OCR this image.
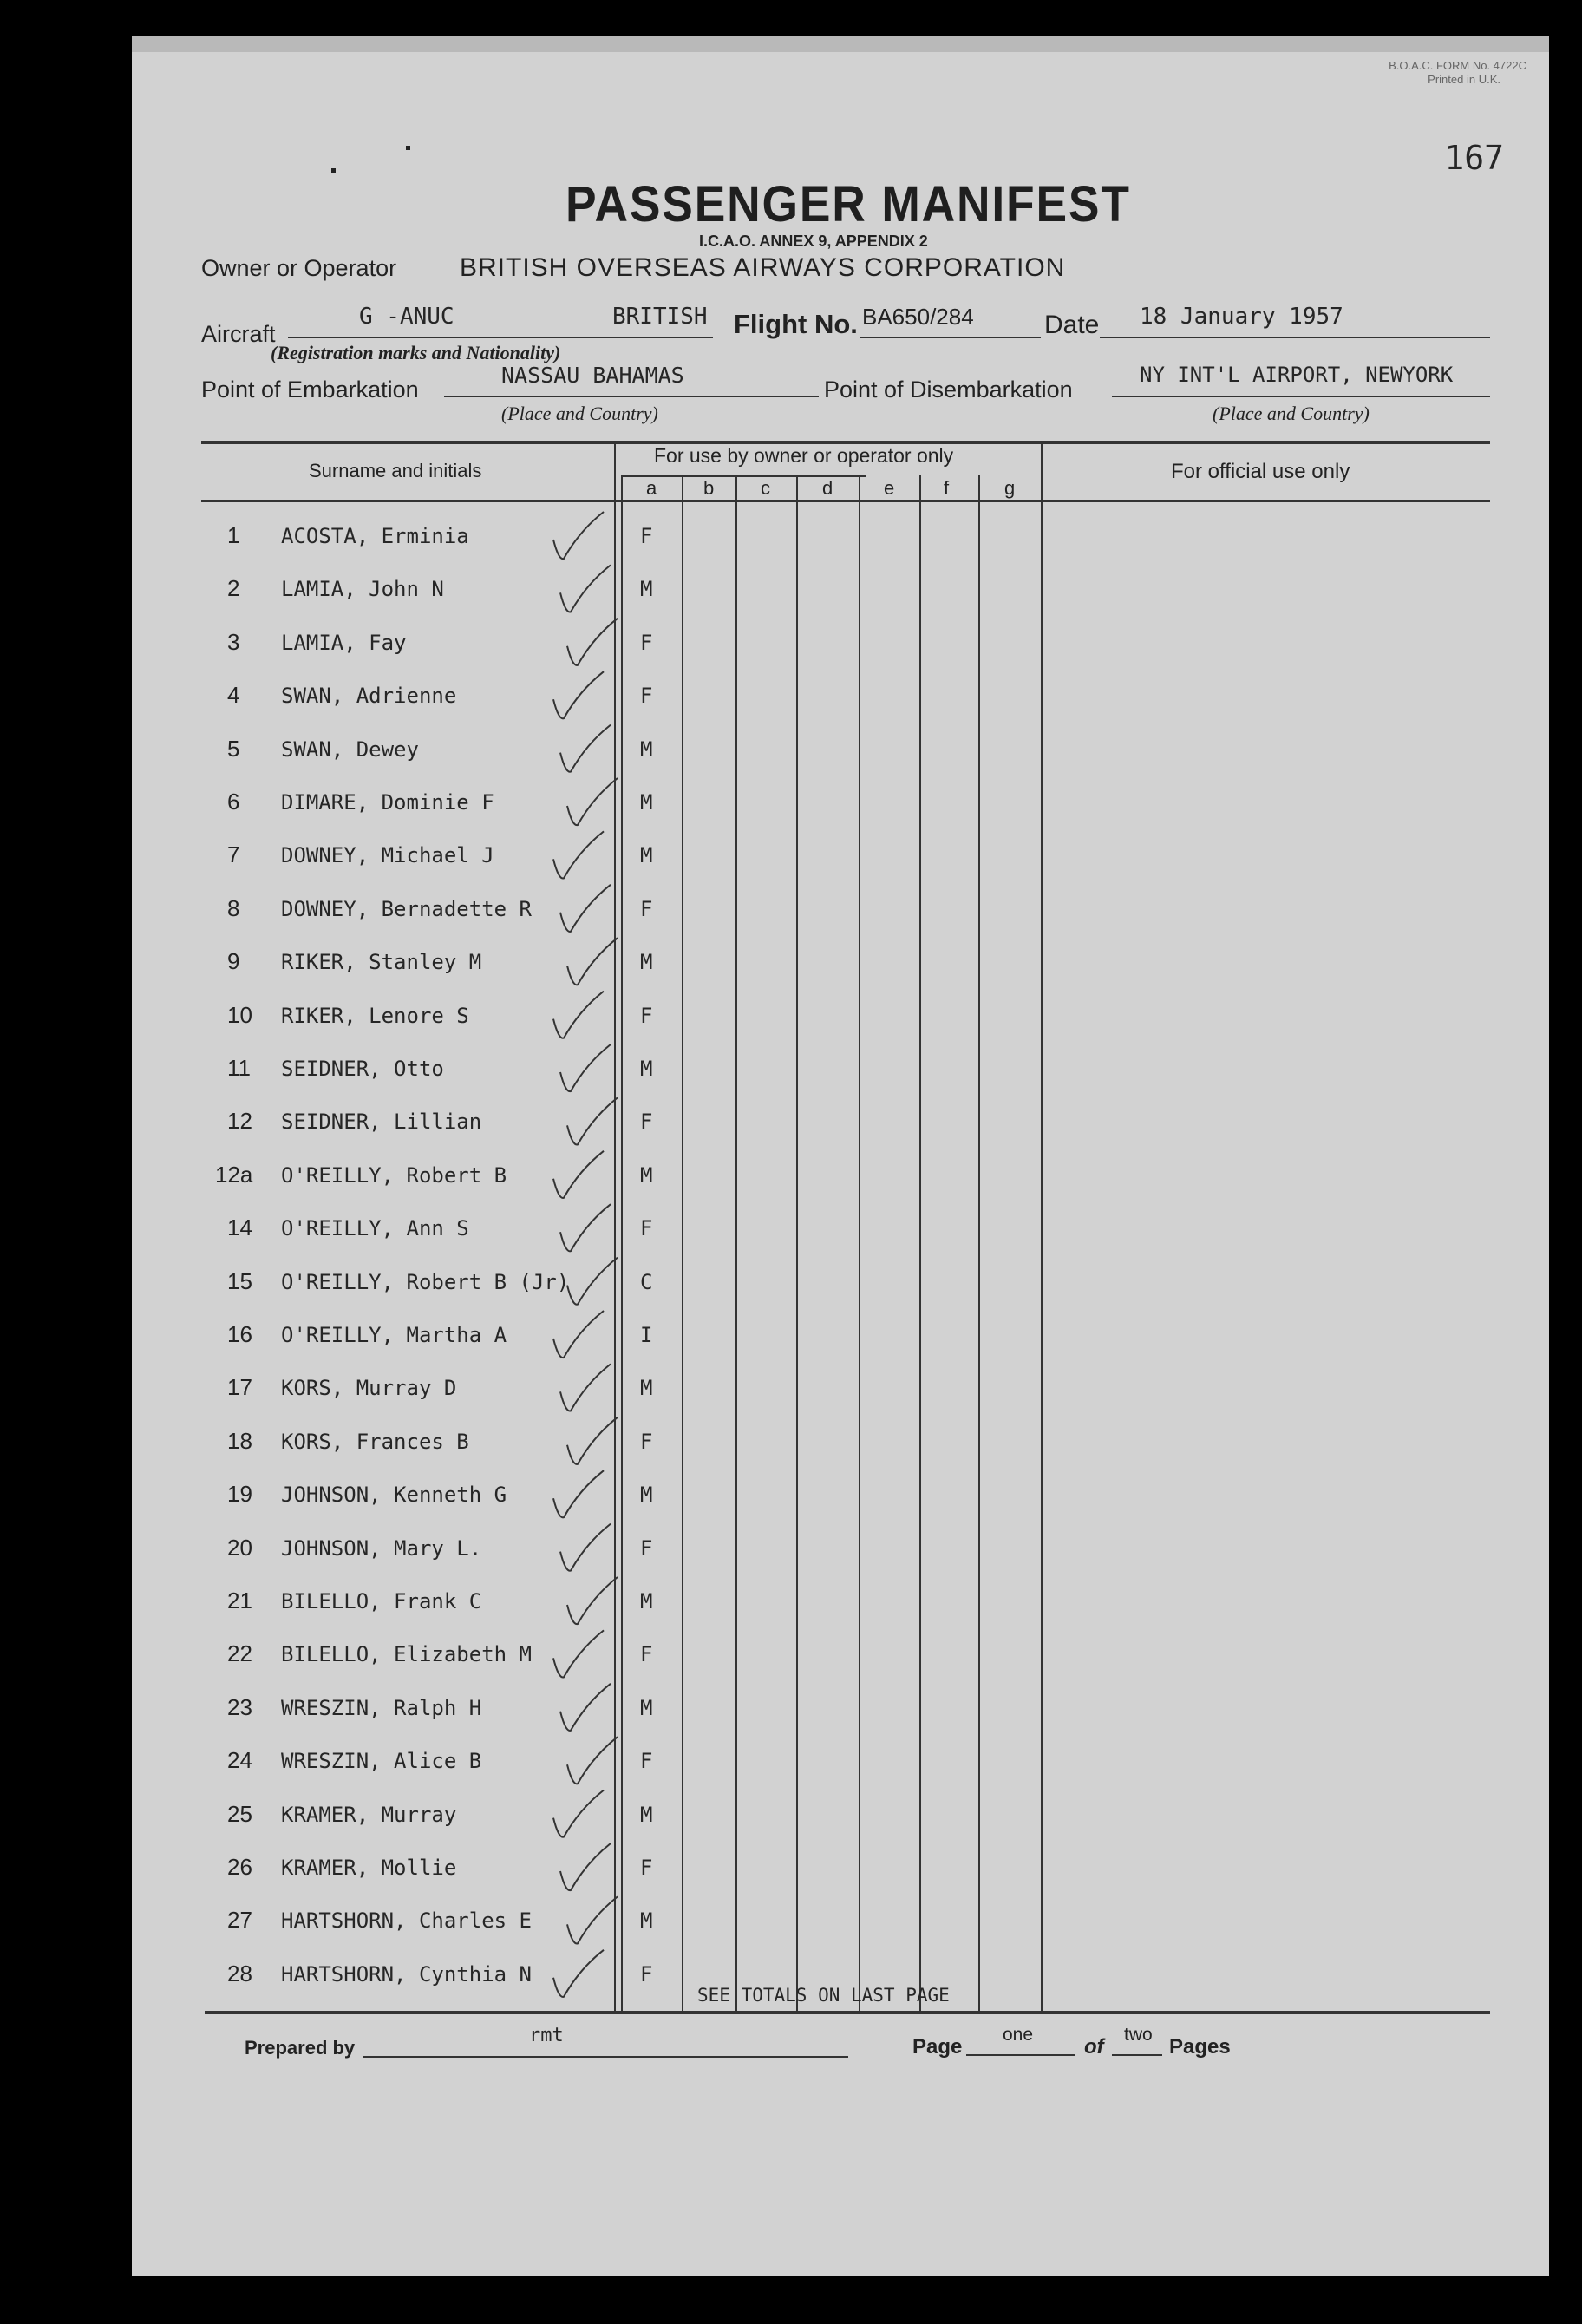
B.O.A.C. FORM No. 4722C
Printed in U.K.
167
PASSENGER MANIFEST
I.C.A.O. ANNEX 9, APPENDIX 2
Owner or Operator BRITISH OVERSEAS AIRWAYS CORPORATION
Aircraft
G -ANUC	BRITISH Flight No. BA650/284	Date 18 January 1957
(Registration marks and Nationality)
Point of Embarkation
NASSAU BAHAMAS
Point of Disembarkation
NY INT'L AIRPORT, NEWYORK
(Place and Country)	(Place and Country)
Surname and initials
For use by owner or operator only
For official use only
a b c	d	e	f	g
1 ACOSTA, Erminia	F
2 LAMIA, John N	M
3 LAMIA, Fay	F
4 SWAN, Adrienne	F
5 SWAN, Dewey	M
6 DIMARE, Dominie F	M
7 DOWNEY, Michael J	M
8 DOWNEY, Bernadette R	F
9 RIKER, Stanley M	M
10 RIKER, Lenore S	F
11 SEIDNER, Otto	M
12 SEIDNER, Lillian	F
12a O'REILLY, Robert B	M
14 O'REILLY, Ann S	F
15 O'REILLY, Robert B (Jr)	C
16 O'REILLY, Martha A	I
17 KORS, Murray D	M
18 KORS, Frances B	F
19 JOHNSON, Kenneth G	M
20 JOHNSON, Mary L.	F
21 BILELLO, Frank C	M
22 BILELLO, Elizabeth M	F
23 WRESZIN, Ralph H	M
24 WRESZIN, Alice B	F
25 KRAMER, Murray	M
26 KRAMER, Mollie	F
27 HARTSHORN, Charles E	M
28 HARTSHORN, Cynthia N	F
SEE TOTALS ON LAST PAGE
Prepared by
rmt	Page
one
of
two
Pages
